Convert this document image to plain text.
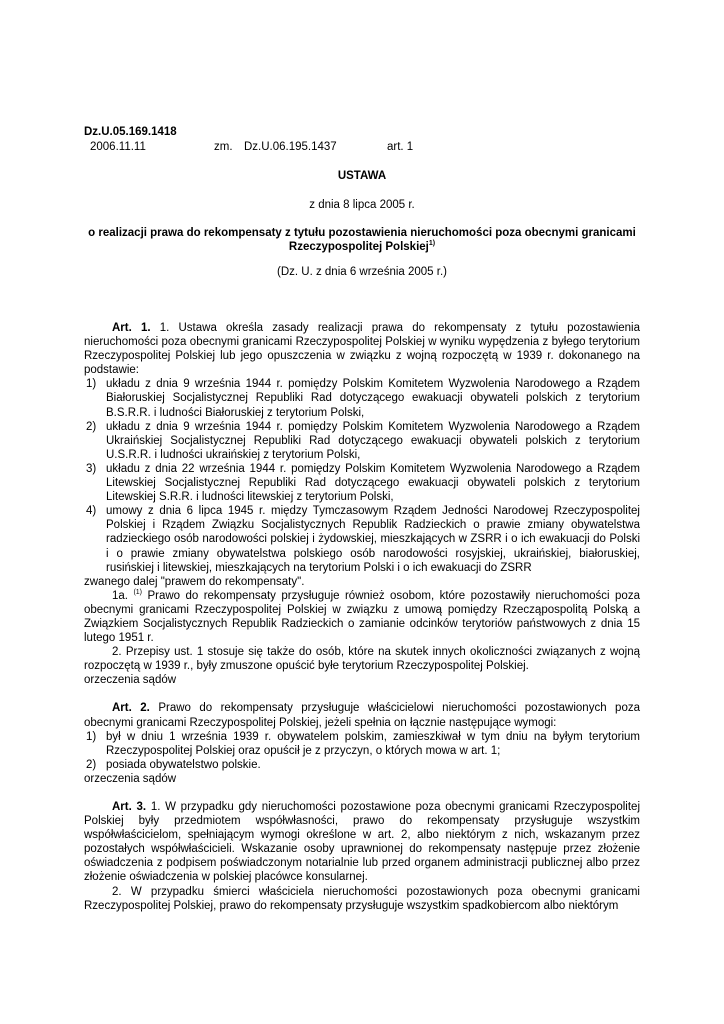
Dz.U.05.169.1418

2006.11.11

	zm.

Dz.U.06.195.1437

	art. 1

USTAWA
z dnia 8 lipca 2005 r.
o realizacji prawa do rekompensaty z tytułu pozostawienia nieruchomości poza obecnymi granicami Rzeczypospolitej Polskiej$^{1)}$
(Dz. U. z dnia 6 września 2005 r.)

Art. 1. 1. Ustawa określa zasady realizacji prawa do rekompensaty z tytułu pozostawienia nieruchomości poza obecnymi granicami Rzeczypospolitej Polskiej w wyniku wypędzenia z byłego terytorium Rzeczypospolitej Polskiej lub jego opuszczenia w związku z wojną rozpoczętą w 1939 r. dokonanego na podstawie:

1) układu z dnia 9 września 1944 r. pomiędzy Polskim Komitetem Wyzwolenia Narodowego a Rządem Białoruskiej Socjalistycznej Republiki Rad dotyczącego ewakuacji obywateli polskich z terytorium B.S.R.R. i ludności Białoruskiej z terytorium Polski,
2) układu z dnia 9 września 1944 r. pomiędzy Polskim Komitetem Wyzwolenia Narodowego a Rządem Ukraińskiej Socjalistycznej Republiki Rad dotyczącego ewakuacji obywateli polskich z terytorium U.S.R.R. i ludności ukraińskiej z terytorium Polski,
3) układu z dnia 22 września 1944 r. pomiędzy Polskim Komitetem Wyzwolenia Narodowego a Rządem Litewskiej Socjalistycznej Republiki Rad dotyczącego ewakuacji obywateli polskich z terytorium Litewskiej S.R.R. i ludności litewskiej z terytorium Polski,
4) umowy z dnia 6 lipca 1945 r. między Tymczasowym Rządem Jedności Narodowej Rzeczypospolitej Polskiej i Rządem Związku Socjalistycznych Republik Radzieckich o prawie zmiany obywatelstwa radzieckiego osób narodowości polskiej i żydowskiej, mieszkających w ZSRR i o ich ewakuacji do Polski i o prawie zmiany obywatelstwa polskiego osób narodowości rosyjskiej, ukraińskiej, białoruskiej, rusińskiej i litewskiej, mieszkających na terytorium Polski i o ich ewakuacji do ZSRR

zwanego dalej "prawem do rekompensaty".

1a. $^{(1)}$ Prawo do rekompensaty przysługuje również osobom, które pozostawiły nieruchomości poza obecnymi granicami Rzeczypospolitej Polskiej w związku z umową pomiędzy Rzecząpospolitą Polską a Związkiem Socjalistycznych Republik Radzieckich o zamianie odcinków terytoriów państwowych z dnia 15 lutego 1951 r.

2. Przepisy ust. 1 stosuje się także do osób, które na skutek innych okoliczności związanych z wojną rozpoczętą w 1939 r., były zmuszone opuścić byłe terytorium Rzeczypospolitej Polskiej.

orzeczenia sądów

Art. 2. Prawo do rekompensaty przysługuje właścicielowi nieruchomości pozostawionych poza obecnymi granicami Rzeczypospolitej Polskiej, jeżeli spełnia on łącznie następujące wymogi:

1) był w dniu 1 września 1939 r. obywatelem polskim, zamieszkiwał w tym dniu na byłym terytorium Rzeczypospolitej Polskiej oraz opuścił je z przyczyn, o których mowa w art. 1;
2) posiada obywatelstwo polskie.

orzeczenia sądów

Art. 3. 1. W przypadku gdy nieruchomości pozostawione poza obecnymi granicami Rzeczypospolitej Polskiej były przedmiotem współwłasności, prawo do rekompensaty przysługuje wszystkim współwłaścicielom, spełniającym wymogi określone w art. 2, albo niektórym z nich, wskazanym przez pozostałych współwłaścicieli. Wskazanie osoby uprawnionej do rekompensaty następuje przez złożenie oświadczenia z podpisem poświadczonym notarialnie lub przed organem administracji publicznej albo przez złożenie oświadczenia w polskiej placówce konsularnej.

2. W przypadku śmierci właściciela nieruchomości pozostawionych poza obecnymi granicami Rzeczypospolitej Polskiej, prawo do rekompensaty przysługuje wszystkim spadkobiercom albo niektórym
